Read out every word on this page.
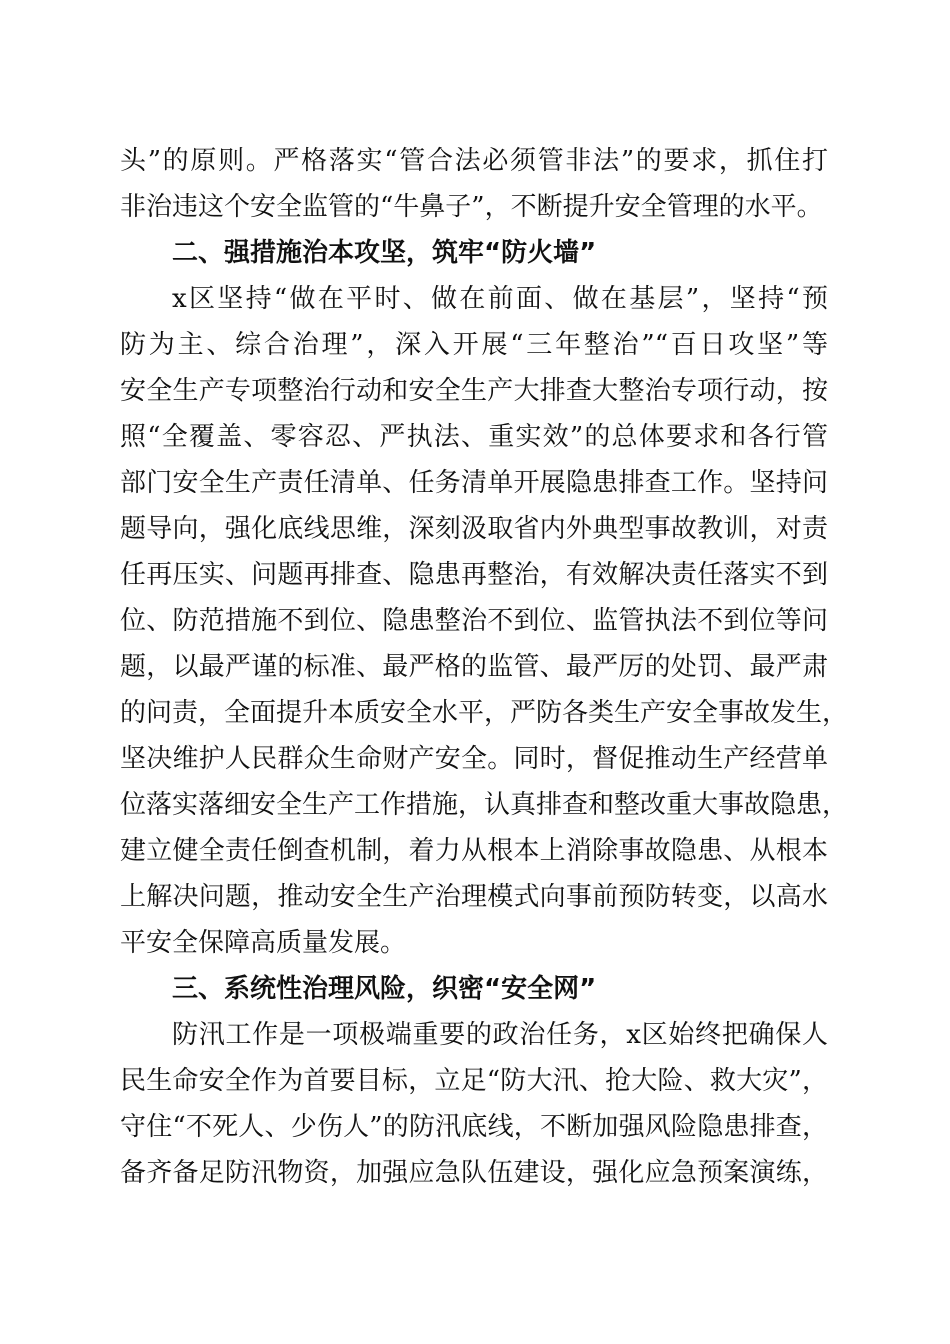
头”的原则。严格落实“管合法必须管非法”的要求，抓住打
非治违这个安全监管的“牛鼻子”，不断提升安全管理的水平。
二、强措施治本攻坚，筑牢“防火墙”
x区坚持“做在平时、做在前面、做在基层”，坚持“预
防为主、综合治理”，深入开展“三年整治”“百日攻坚”等
安全生产专项整治行动和安全生产大排查大整治专项行动，按
照“全覆盖、零容忍、严执法、重实效”的总体要求和各行管
部门安全生产责任清单、任务清单开展隐患排查工作。坚持问
题导向，强化底线思维，深刻汲取省内外典型事故教训，对责
任再压实、问题再排查、隐患再整治，有效解决责任落实不到
位、防范措施不到位、隐患整治不到位、监管执法不到位等问
题，以最严谨的标准、最严格的监管、最严厉的处罚、最严肃
的问责，全面提升本质安全水平，严防各类生产安全事故发生，
坚决维护人民群众生命财产安全。同时，督促推动生产经营单
位落实落细安全生产工作措施，认真排查和整改重大事故隐患，
建立健全责任倒查机制，着力从根本上消除事故隐患、从根本
上解决问题，推动安全生产治理模式向事前预防转变，以高水
平安全保障高质量发展。
三、系统性治理风险，织密“安全网”
防汛工作是一项极端重要的政治任务，x区始终把确保人
民生命安全作为首要目标，立足“防大汛、抢大险、救大灾”，
守住“不死人、少伤人”的防汛底线，不断加强风险隐患排查，
备齐备足防汛物资，加强应急队伍建设，强化应急预案演练，
